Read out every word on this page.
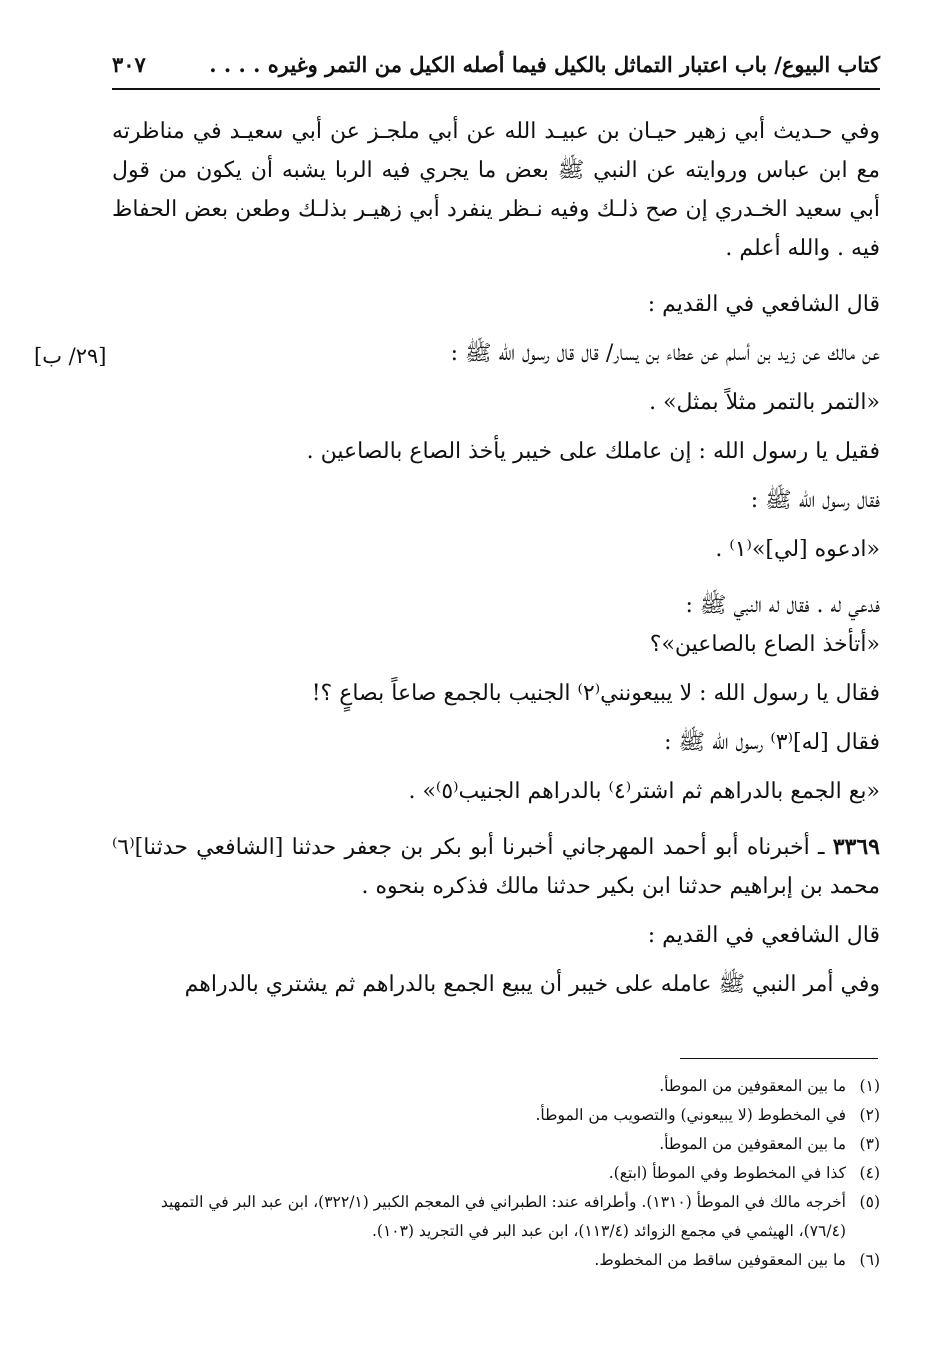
كتاب البيوع/ باب اعتبار التماثل بالكيل فيما أصله الكيل من التمر وغيره . . . .
٣٠٧
[٢٩/ ب]

وفي حـديث أبي زهير حيـان بن عبيـد الله عن أبي ملجـز عن أبي سعيـد في مناظرته مع ابن عباس وروايته عن النبي ﷺ بعض ما يجري فيه الربا يشبه أن يكون من قول أبي سعيد الخـدري إن صح ذلـك وفيه نـظر ينفرد أبي زهيـر بذلـك وطعن بعض الحفاظ فيه . والله أعلم .

قال الشافعي في القديم :

عن مالك عن زيد بن أسلم عن عطاء بن يسار/ قال قال رسول الله ﷺ :

«التمر بالتمر مثلاً بمثل» .

فقيل يا رسول الله : إن عاملك على خيبر يأخذ الصاع بالصاعين .

فقال رسول الله ﷺ :

«ادعوه [لي]»⁽١⁾ .

فدعي له . فقال له النبي ﷺ :

«أتأخذ الصاع بالصاعين»؟

فقال يا رسول الله : لا يبيعونني⁽٢⁾ الجنيب بالجمع صاعاً بصاعٍ ؟!

فقال [له]⁽٣⁾ رسول الله ﷺ :

«بع الجمع بالدراهم ثم اشتر⁽٤⁾ بالدراهم الجنيب⁽٥⁾» .

٣٣٦٩ ـ أخبرناه أبو أحمد المهرجاني أخبرنا أبو بكر بن جعفر حدثنا [الشافعي حدثنا]⁽٦⁾ محمد بن إبراهيم حدثنا ابن بكير حدثنا مالك فذكره بنحوه .

قال الشافعي في القديم :

وفي أمر النبي ﷺ عامله على خيبر أن يبيع الجمع بالدراهم ثم يشتري بالدراهم

(١)
ما بين المعقوفين من الموطأ.
(٢)
في المخطوط (لا يبيعوني) والتصويب من الموطأ.
(٣)
ما بين المعقوفين من الموطأ.
(٤)
كذا في المخطوط وفي الموطأ (ابتع).
(٥)
أخرجه مالك في الموطأ (١٣١٠). وأطرافه عند: الطبراني في المعجم الكبير (٣٢٢/١)، ابن عبد البر في التمهيد (٧٦/٤)، الهيثمي في مجمع الزوائد (١١٣/٤)، ابن عبد البر في التجريد (١٠٣).
(٦)
ما بين المعقوفين ساقط من المخطوط.
